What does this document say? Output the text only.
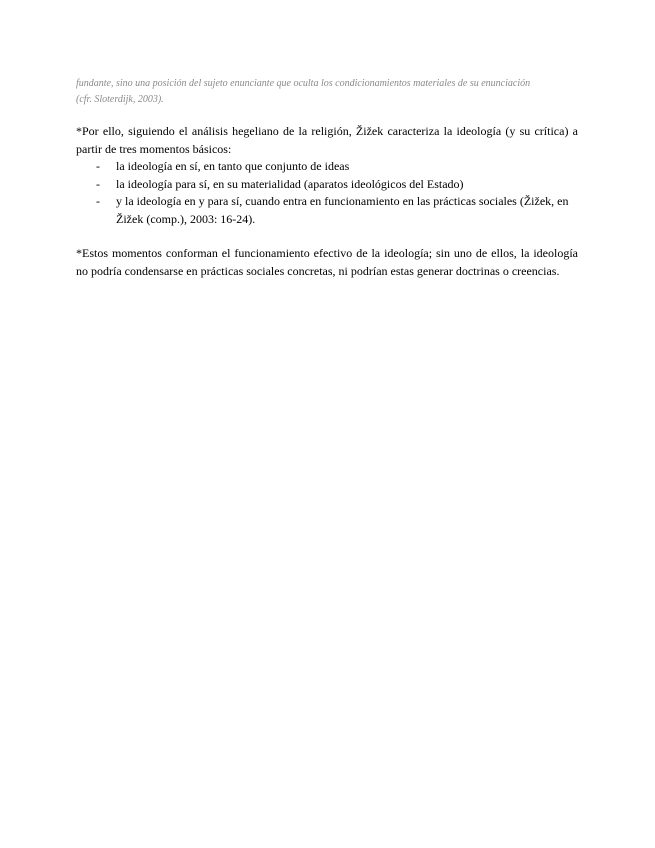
fundante, sino una posición del sujeto enunciante que oculta los condicionamientos materiales de su enunciación
(cfr. Sloterdijk, 2003).

*Por ello, siguiendo el análisis hegeliano de la religión, Žižek caracteriza la ideología (y su crítica) a partir de tres momentos básicos:

- la ideología en sí, en tanto que conjunto de ideas
- la ideología para sí, en su materialidad (aparatos ideológicos del Estado)
- y la ideología en y para sí, cuando entra en funcionamiento en las prácticas sociales (Žižek, en Žižek (comp.), 2003: 16-24).

*Estos momentos conforman el funcionamiento efectivo de la ideología; sin uno de ellos, la ideología no podría condensarse en prácticas sociales concretas, ni podrían estas generar doctrinas o creencias.
